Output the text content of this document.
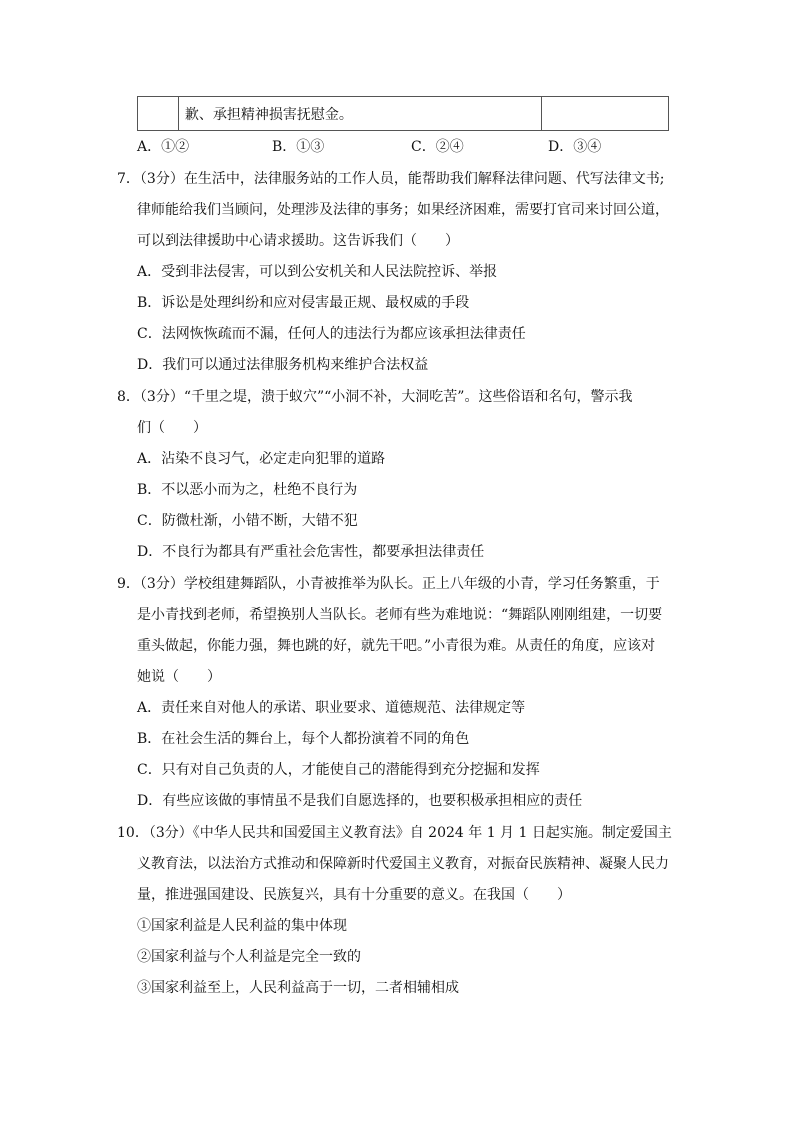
	歉、承担精神损害抚慰金。	
A．①②	B．①③	C．②④	D．③④
7．（3分）在生活中，法律服务站的工作人员，能帮助我们解释法律问题、代写法律文书;
律师能给我们当顾问，处理涉及法律的事务；如果经济困难，需要打官司来讨回公道，
可以到法律援助中心请求援助。这告诉我们（　　）
A．受到非法侵害，可以到公安机关和人民法院控诉、举报
B．诉讼是处理纠纷和应对侵害最正规、最权威的手段
C．法网恢恢疏而不漏，任何人的违法行为都应该承担法律责任
D．我们可以通过法律服务机构来维护合法权益
8．（3分）“千里之堤，溃于蚁穴”“小洞不补，大洞吃苦”。这些俗语和名句，警示我
们（　　）
A．沾染不良习气，必定走向犯罪的道路
B．不以恶小而为之，杜绝不良行为
C．防微杜渐，小错不断，大错不犯
D．不良行为都具有严重社会危害性，都要承担法律责任
9．（3分）学校组建舞蹈队，小青被推举为队长。正上八年级的小青，学习任务繁重，于
是小青找到老师，希望换别人当队长。老师有些为难地说：“舞蹈队刚刚组建，一切要
重头做起，你能力强，舞也跳的好，就先干吧。”小青很为难。从责任的角度，应该对
她说（　　）
A．责任来自对他人的承诺、职业要求、道德规范、法律规定等
B．在社会生活的舞台上，每个人都扮演着不同的角色
C．只有对自己负责的人，才能使自己的潜能得到充分挖掘和发挥
D．有些应该做的事情虽不是我们自愿选择的，也要积极承担相应的责任
10．（3分）《中华人民共和国爱国主义教育法》自 2024 年 1 月 1 日起实施。制定爱国主
义教育法，以法治方式推动和保障新时代爱国主义教育，对振奋民族精神、凝聚人民力
量，推进强国建设、民族复兴，具有十分重要的意义。在我国（　　）
①国家利益是人民利益的集中体现
②国家利益与个人利益是完全一致的
③国家利益至上，人民利益高于一切，二者相辅相成
